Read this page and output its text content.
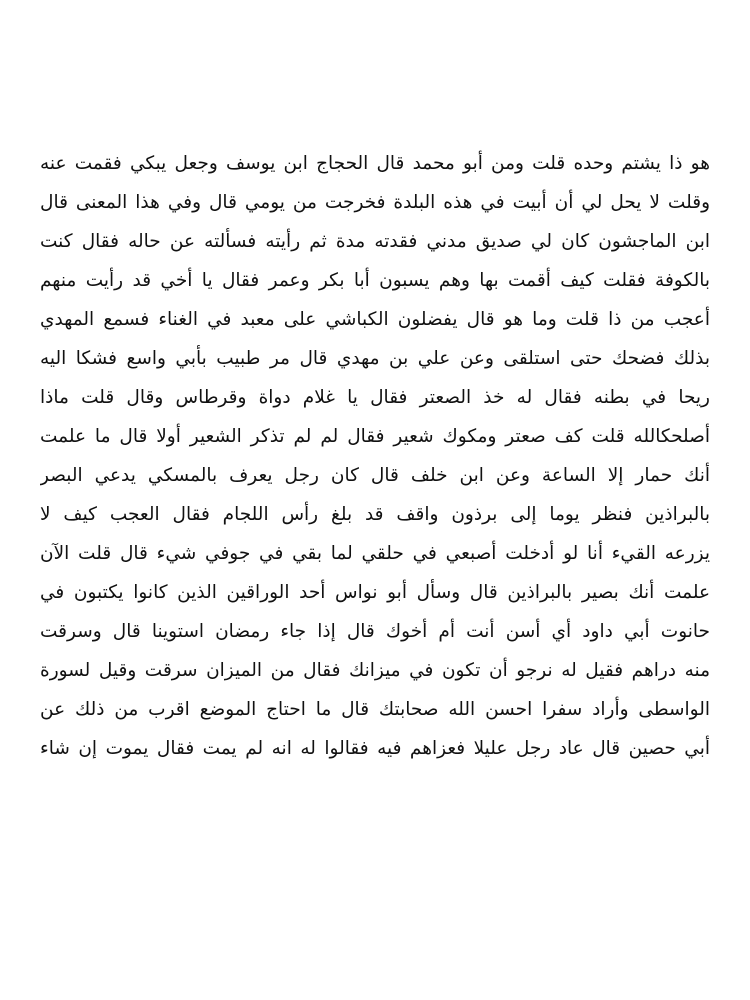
هو ذا يشتم وحده قلت ومن أبو محمد قال الحجاج ابن يوسف وجعل يبكي فقمت عنه
وقلت لا يحل لي أن أبيت في هذه البلدة فخرجت من يومي قال وفي هذا المعنى قال
ابن الماجشون كان لي صديق مدني فقدته مدة ثم رأيته فسألته عن حاله فقال كنت
بالكوفة فقلت كيف أقمت بها وهم يسبون أبا بكر وعمر فقال يا أخي قد رأيت منهم
أعجب من ذا قلت وما هو قال يفضلون الكباشي على معبد في الغناء فسمع المهدي
بذلك فضحك حتى استلقى وعن علي بن مهدي قال مر طبيب بأبي واسع فشكا اليه
ريحا في بطنه فقال له خذ الصعتر فقال يا غلام دواة وقرطاس وقال قلت ماذا
أصلحكالله قلت كف صعتر ومكوك شعير فقال لم لم تذكر الشعير أولا قال ما علمت
أنك حمار إلا الساعة وعن ابن خلف قال كان رجل يعرف بالمسكي يدعي البصر
بالبراذين فنظر يوما إلى برذون واقف قد بلغ رأس اللجام فقال العجب كيف لا
يزرعه القيء أنا لو أدخلت أصبعي في حلقي لما بقي في جوفي شيء قال قلت الآن
علمت أنك بصير بالبراذين قال وسأل أبو نواس أحد الوراقين الذين كانوا يكتبون في
حانوت أبي داود أي أسن أنت أم أخوك قال إذا جاء رمضان استوينا قال وسرقت
منه دراهم فقيل له نرجو أن تكون في ميزانك فقال من الميزان سرقت وقيل لسورة
الواسطى وأراد سفرا احسن الله صحابتك قال ما احتاج الموضع اقرب من ذلك عن
أبي حصين قال عاد رجل عليلا فعزاهم فيه فقالوا له انه لم يمت فقال يموت إن شاء
